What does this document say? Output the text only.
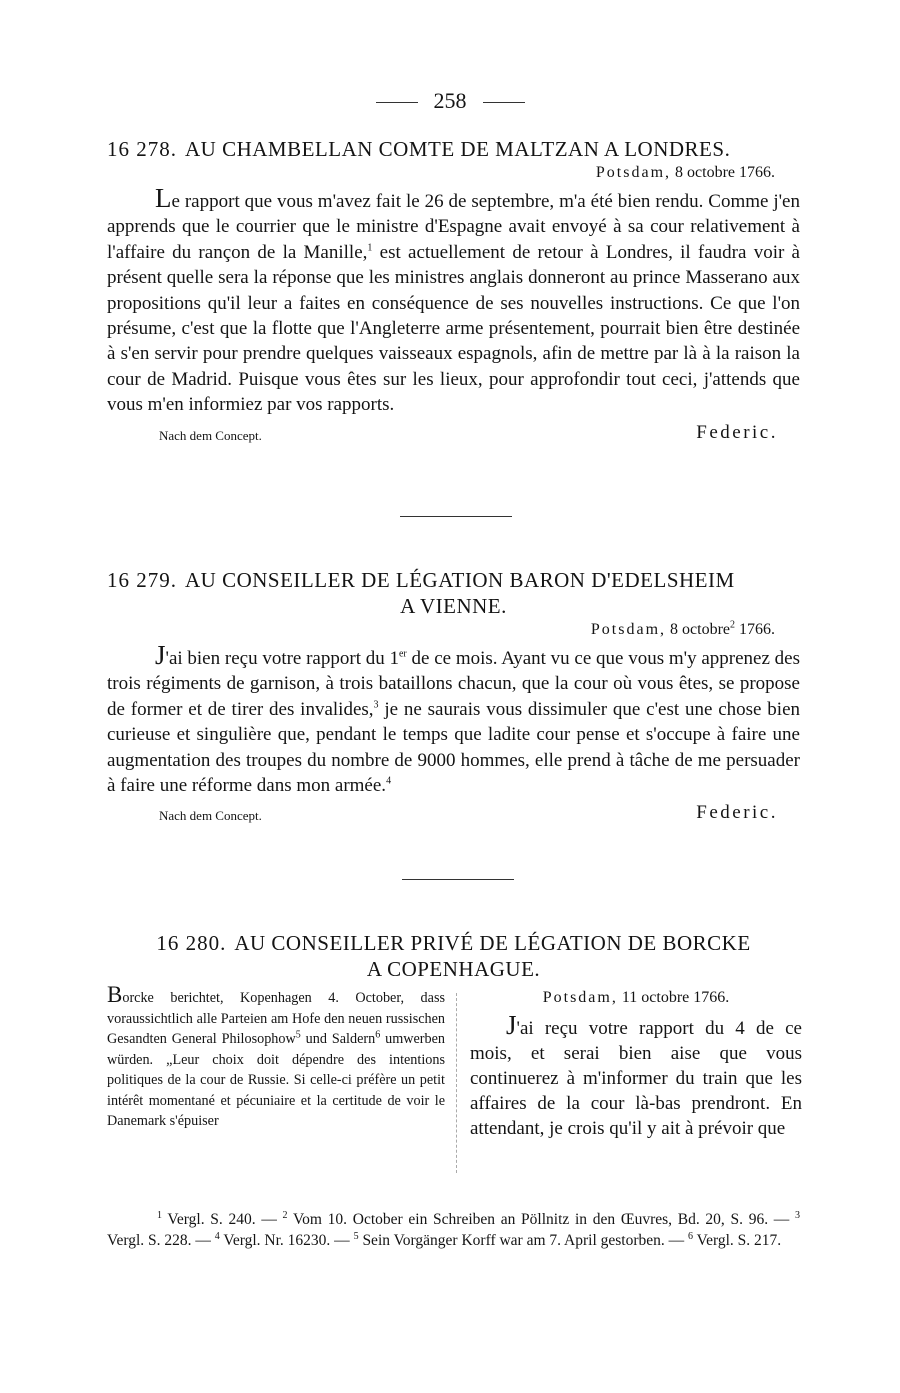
258
16 278. AU CHAMBELLAN COMTE DE MALTZAN A LONDRES.
Potsdam, 8 octobre 1766.

Le rapport que vous m'avez fait le 26 de septembre, m'a été bien rendu. Comme j'en apprends que le courrier que le ministre d'Espagne avait envoyé à sa cour relativement à l'affaire du rançon de la Manille,$^1$ est actuellement de retour à Londres, il faudra voir à présent quelle sera la réponse que les ministres anglais donneront au prince Masserano aux propositions qu'il leur a faites en conséquence de ses nouvelles instructions. Ce que l'on présume, c'est que la flotte que l'Angleterre arme présentement, pourrait bien être destinée à s'en servir pour prendre quelques vaisseaux espagnols, afin de mettre par là à la raison la cour de Madrid. Puisque vous êtes sur les lieux, pour approfondir tout ceci, j'attends que vous m'en informiez par vos rapports.

Nach dem Concept.	Federic.
16 279. AU CONSEILLER DE LÉGATION BARON D'EDELSHEIM
A VIENNE.
Potsdam, 8 octobre$^2$ 1766.

J'ai bien reçu votre rapport du 1er de ce mois. Ayant vu ce que vous m'y apprenez des trois régiments de garnison, à trois bataillons chacun, que la cour où vous êtes, se propose de former et de tirer des invalides,$^3$ je ne saurais vous dissimuler que c'est une chose bien curieuse et singulière que, pendant le temps que ladite cour pense et s'occupe à faire une augmentation des troupes du nombre de 9000 hommes, elle prend à tâche de me persuader à faire une réforme dans mon armée.$^4$

Nach dem Concept.	Federic.
16 280. AU CONSEILLER PRIVÉ DE LÉGATION DE BORCKE
A COPENHAGUE.
Borcke berichtet, Kopenhagen 4. October, dass voraussichtlich alle Parteien am Hofe den neuen russischen Gesandten General Philosophow$^5$ und Saldern$^6$ umwerben würden. „Leur choix doit dépendre des intentions politiques de la cour de Russie. Si celle-ci préfère un petit intérêt momentané et pécuniaire et la certitude de voir le Danemark s'épuiser
Potsdam, 11 octobre 1766.

J'ai reçu votre rapport du 4 de ce mois, et serai bien aise que vous continuerez à m'informer du train que les affaires de la cour là-bas prendront. En attendant, je crois qu'il y ait à prévoir que

$^1$ Vergl. S. 240. — $^2$ Vom 10. October ein Schreiben an Pöllnitz in den Œuvres, Bd. 20, S. 96. — $^3$ Vergl. S. 228. — $^4$ Vergl. Nr. 16230. — $^5$ Sein Vorgänger Korff war am 7. April gestorben. — $^6$ Vergl. S. 217.
